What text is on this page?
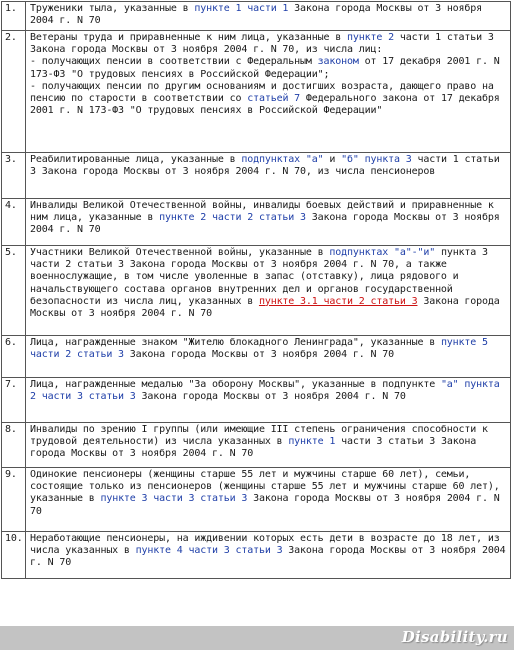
1.	Труженики тыла, указанные в пункте 1 части 1 Закона города Москвы от 3 ноября 2004 г. N 70
2.	Ветераны труда и приравненные к ним лица, указанные в пункте 2 части 1 статьи 3 Закона города Москвы от 3 ноября 2004 г. N 70, из числа лиц:
- получающих пенсии в соответствии с Федеральным законом от 17 декабря 2001 г. N 173-ФЗ "О трудовых пенсиях в Российской Федерации";
- получающих пенсии по другим основаниям и достигших возраста, дающего право на пенсию по старости в соответствии со статьей 7 Федерального закона от 17 декабря 2001 г. N 173-ФЗ "О трудовых пенсиях в Российской Федерации"
3.	Реабилитированные лица, указанные в подпунктах "а" и "б" пункта 3 части 1 статьи 3 Закона города Москвы от 3 ноября 2004 г. N 70, из числа пенсионеров
4.	Инвалиды Великой Отечественной войны, инвалиды боевых действий и приравненные к ним лица, указанные в пункте 2 части 2 статьи 3 Закона города Москвы от 3 ноября 2004 г. N 70
5.	Участники Великой Отечественной войны, указанные в подпунктах "а"-"и" пункта 3 части 2 статьи 3 Закона города Москвы от 3 ноября 2004 г. N 70, а также военнослужащие, в том числе уволенные в запас (отставку), лица рядового и начальствующего состава органов внутренних дел и органов государственной безопасности из числа лиц, указанных в пункте 3.1 части 2 статьи 3 Закона города Москвы от 3 ноября 2004 г. N 70
6.	Лица, награжденные знаком "Жителю блокадного Ленинграда", указанные в пункте 5 части 2 статьи 3 Закона города Москвы от 3 ноября 2004 г. N 70
7.	Лица, награжденные медалью "За оборону Москвы", указанные в подпункте "а" пункта 2 части 3 статьи 3 Закона города Москвы от 3 ноября 2004 г. N 70
8.	Инвалиды по зрению I группы (или имеющие III степень ограничения способности к трудовой деятельности) из числа указанных в пункте 1 части 3 статьи 3 Закона города Москвы от 3 ноября 2004 г. N 70
9.	Одинокие пенсионеры (женщины старше 55 лет и мужчины старше 60 лет), семьи, состоящие только из пенсионеров (женщины старше 55 лет и мужчины старше 60 лет), указанные в пункте 3 части 3 статьи 3 Закона города Москвы от 3 ноября 2004 г. N 70
10.	Неработающие пенсионеры, на иждивении которых есть дети в возрасте до 18 лет, из числа указанных в пункте 4 части 3 статьи 3 Закона города Москвы от 3 ноября 2004 г. N 70
Disability.ru
